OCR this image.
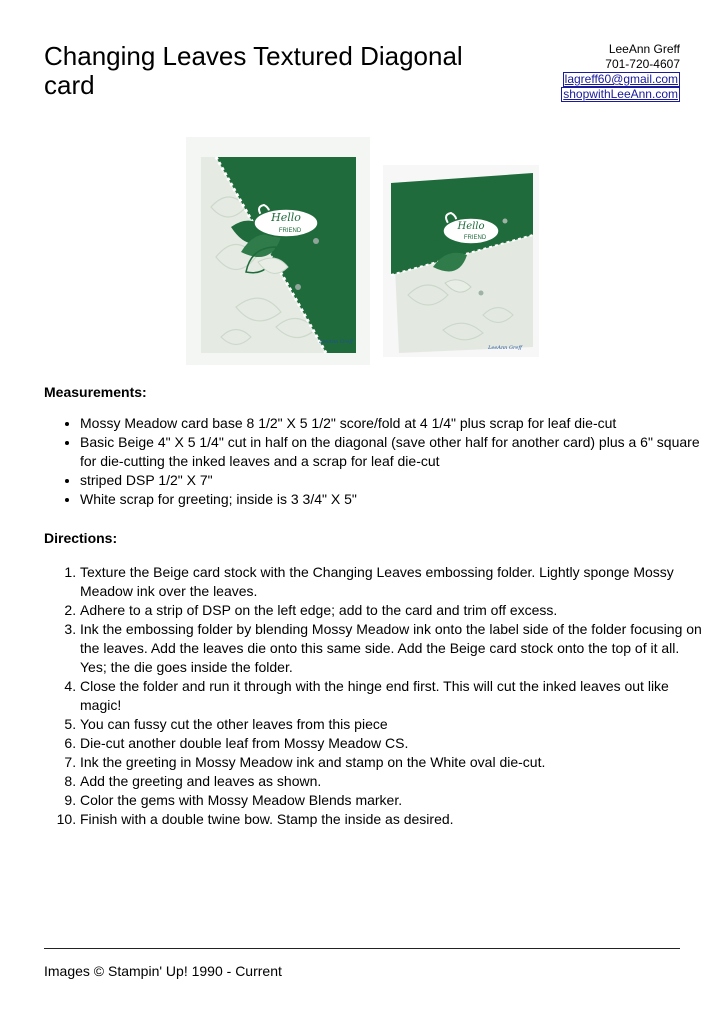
Changing Leaves Textured Diagonal card
LeeAnn Greff
701-720-4607
lagreff60@gmail.com
shopwithLeeAnn.com
Hello
FRIEND
LeeAnn Greff
Hello
FRIEND
LeeAnn Greff
Measurements:
• Mossy Meadow card base 8 1/2" X 5 1/2" score/fold at 4 1/4" plus scrap for leaf die-cut
• Basic Beige 4" X 5 1/4" cut in half on the diagonal (save other half for another card) plus a 6" square for die-cutting the inked leaves and a scrap for leaf die-cut
• striped DSP 1/2" X 7"
• White scrap for greeting; inside is 3 3/4" X 5"
Directions:
1. Texture the Beige card stock with the Changing Leaves embossing folder. Lightly sponge Mossy Meadow ink over the leaves.
2. Adhere to a strip of DSP on the left edge; add to the card and trim off excess.
3. Ink the embossing folder by blending Mossy Meadow ink onto the label side of the folder focusing on the leaves. Add the leaves die onto this same side. Add the Beige card stock onto the top of it all. Yes; the die goes inside the folder.
4. Close the folder and run it through with the hinge end first. This will cut the inked leaves out like magic!
5. You can fussy cut the other leaves from this piece
6. Die-cut another double leaf from Mossy Meadow CS.
7. Ink the greeting in Mossy Meadow ink and stamp on the White oval die-cut.
8. Add the greeting and leaves as shown.
9. Color the gems with Mossy Meadow Blends marker.
10. Finish with a double twine bow. Stamp the inside as desired.
Images © Stampin' Up! 1990 - Current
